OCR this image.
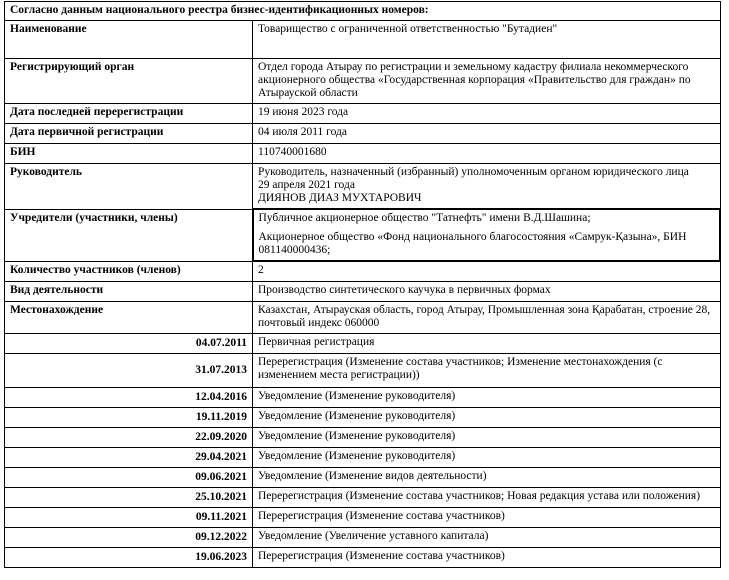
Согласно данным национального реестра бизнес-идентификационных номеров:	
Наименование	Товарищество с ограниченной ответственностью "Бутадиен"
Регистрирующий орган	Отдел города Атырау по регистрации и земельному кадастру филиала некоммерческого акционерного общества «Государственная корпорация «Правительство для граждан» по Атырауской области
Дата последней перерегистрации	19 июня 2023 года
Дата первичной регистрации	04 июля 2011 года
БИН	110740001680
Руководитель	Руководитель, назначенный (избранный) уполномоченным органом юридического лица
29 апреля 2021 года
ДИЯНОВ ДИАЗ МУХТАРОВИЧ

Учредители (участники, члены)	Публичное акционерное общество "Татнефть" имени В.Д.Шашина;
Акционерное общество «Фонд национального благосостояния «Самрук-Қазына», БИН 081140000436;

Количество участников (членов)	2
Вид деятельности	Производство синтетического каучука в первичных формах
Местонахождение	Казахстан, Атырауская область, город Атырау, Промышленная зона Қарабатан, строение 28, почтовый индекс 060000
04.07.2011	Первичная регистрация
31.07.2013	Перерегистрация (Изменение состава участников; Изменение местонахождения (с изменением места регистрации))
12.04.2016	Уведомление (Изменение руководителя)
19.11.2019	Уведомление (Изменение руководителя)
22.09.2020	Уведомление (Изменение руководителя)
29.04.2021	Уведомление (Изменение руководителя)
09.06.2021	Уведомление (Изменение видов деятельности)
25.10.2021	Перерегистрация (Изменение состава участников; Новая редакция устава или положения)
09.11.2021	Перерегистрация (Изменение состава участников)
09.12.2022	Уведомление (Увеличение уставного капитала)
19.06.2023	Перерегистрация (Изменение состава участников)
